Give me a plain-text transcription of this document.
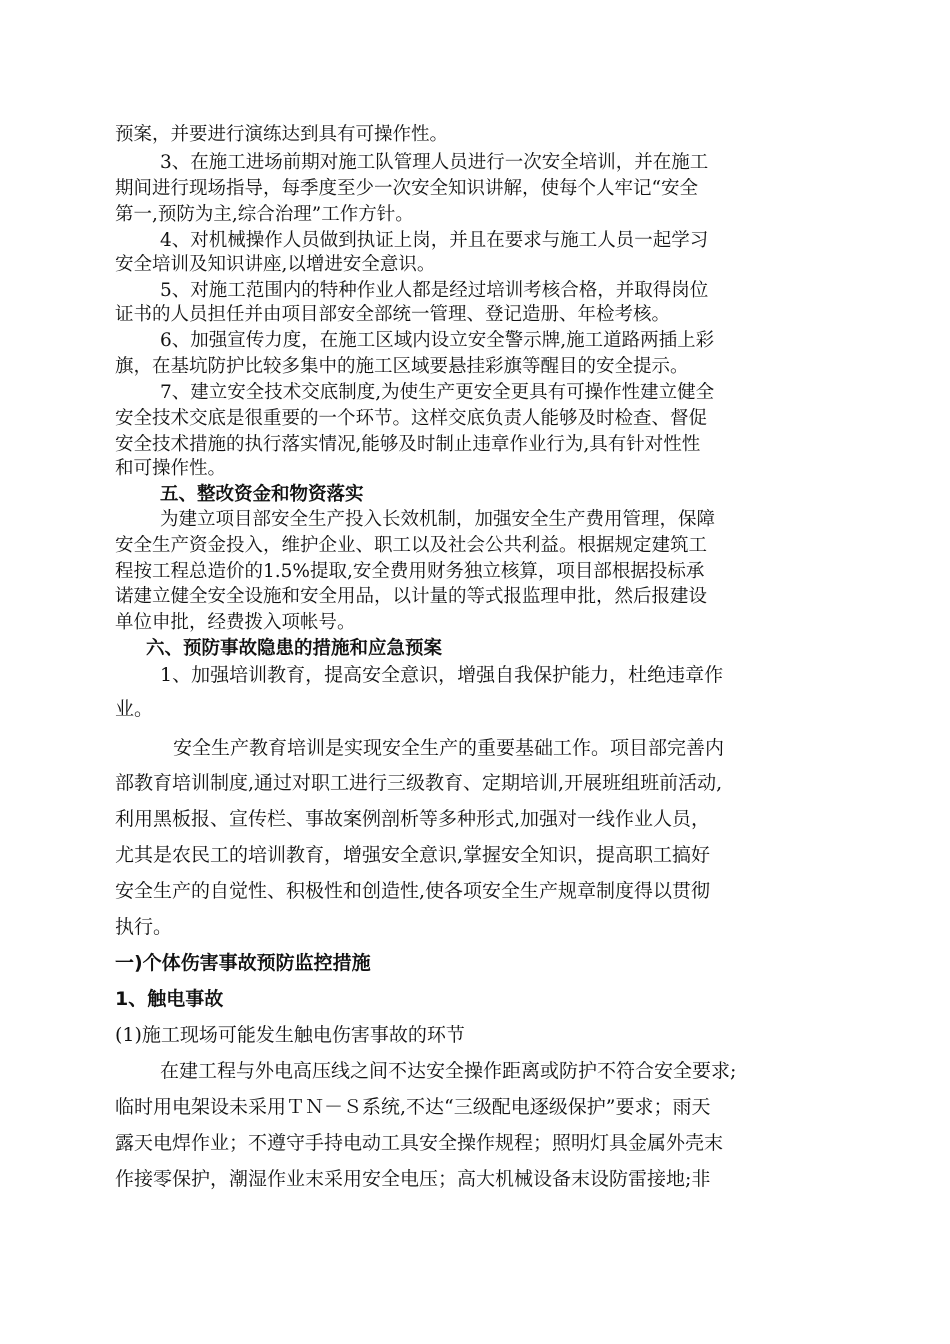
预案，并要进行演练达到具有可操作性。
3、在施工进场前期对施工队管理人员进行一次安全培训，并在施工
期间进行现场指导，每季度至少一次安全知识讲解，使每个人牢记“安全
第一,预防为主,综合治理”工作方针。
4、对机械操作人员做到执证上岗，并且在要求与施工人员一起学习
安全培训及知识讲座,以增进安全意识。
5、对施工范围内的特种作业人都是经过培训考核合格，并取得岗位
证书的人员担任并由项目部安全部统一管理、登记造册、年检考核。
6、加强宣传力度，在施工区域内设立安全警示牌,施工道路两插上彩
旗，在基坑防护比较多集中的施工区域要悬挂彩旗等醒目的安全提示。
7、建立安全技术交底制度,为使生产更安全更具有可操作性建立健全
安全技术交底是很重要的一个环节。这样交底负责人能够及时检查、督促
安全技术措施的执行落实情况,能够及时制止违章作业行为,具有针对性性
和可操作性。
五、整改资金和物资落实
为建立项目部安全生产投入长效机制，加强安全生产费用管理，保障
安全生产资金投入，维护企业、职工以及社会公共利益。根据规定建筑工
程按工程总造价的1.5%提取,安全费用财务独立核算，项目部根据投标承
诺建立健全安全设施和安全用品，以计量的等式报监理申批，然后报建设
单位申批，经费拨入项帐号。
六、预防事故隐患的措施和应急预案
1、加强培训教育，提高安全意识，增强自我保护能力，杜绝违章作
业。
安全生产教育培训是实现安全生产的重要基础工作。项目部完善内
部教育培训制度,通过对职工进行三级教育、定期培训,开展班组班前活动,
利用黑板报、宣传栏、事故案例剖析等多种形式,加强对一线作业人员，
尤其是农民工的培训教育，增强安全意识,掌握安全知识，提高职工搞好
安全生产的自觉性、积极性和创造性,使各项安全生产规章制度得以贯彻
执行。
一)个体伤害事故预防监控措施
1、触电事故
(1)施工现场可能发生触电伤害事故的环节
在建工程与外电高压线之间不达安全操作距离或防护不符合安全要求;
临时用电架设未采用ＴＮ－Ｓ系统,不达“三级配电逐级保护”要求；雨天
露天电焊作业；不遵守手持电动工具安全操作规程；照明灯具金属外壳末
作接零保护，潮湿作业末采用安全电压；高大机械设备末设防雷接地;非
